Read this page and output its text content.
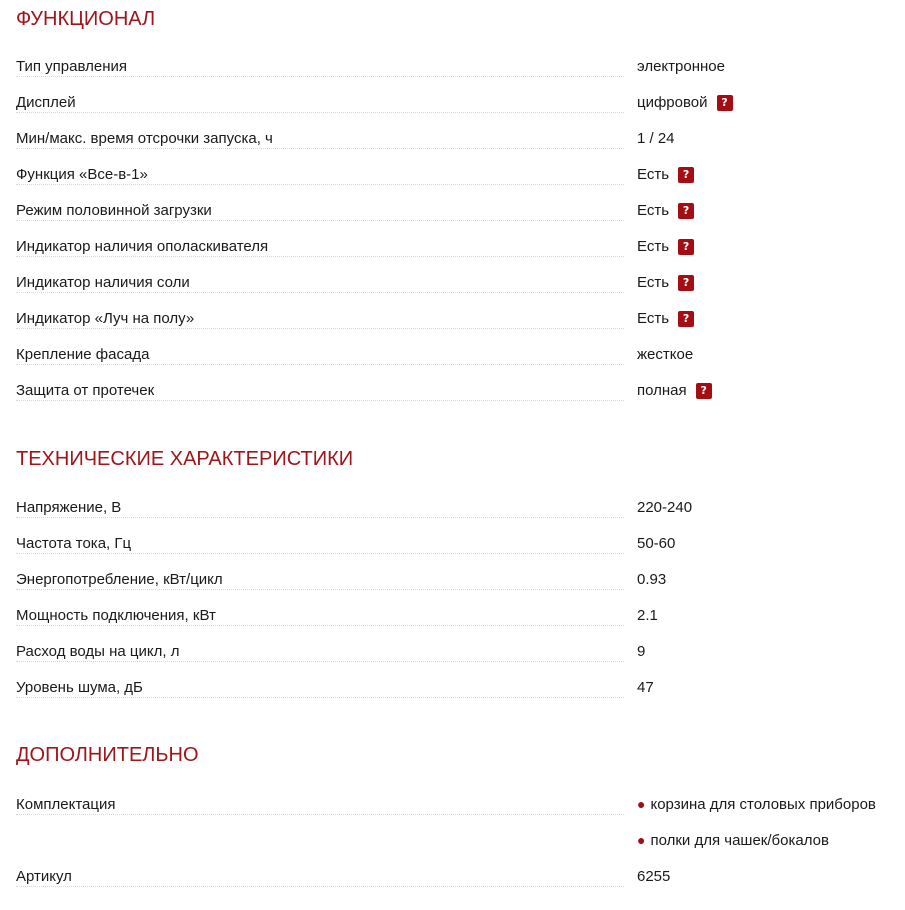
ФУНКЦИОНАЛ
Тип управления	электронное
Дисплей	цифровой	?
Мин/макс. время отсрочки запуска, ч	1 / 24
Функция «Все-в-1»	Есть	?
Режим половинной загрузки	Есть	?
Индикатор наличия ополаскивателя	Есть	?
Индикатор наличия соли	Есть	?
Индикатор «Луч на полу»	Есть	?
Крепление фасада	жесткое
Защита от протечек	полная	?
ТЕХНИЧЕСКИЕ ХАРАКТЕРИСТИКИ
Напряжение, В	220-240
Частота тока, Гц	50-60
Энергопотребление, кВт/цикл	0.93
Мощность подключения, кВт	2.1
Расход воды на цикл, л	9
Уровень шума, дБ	47
ДОПОЛНИТЕЛЬНО
Комплектация	● корзина для столовых приборов
● полки для чашек/бокалов
Артикул	6255
